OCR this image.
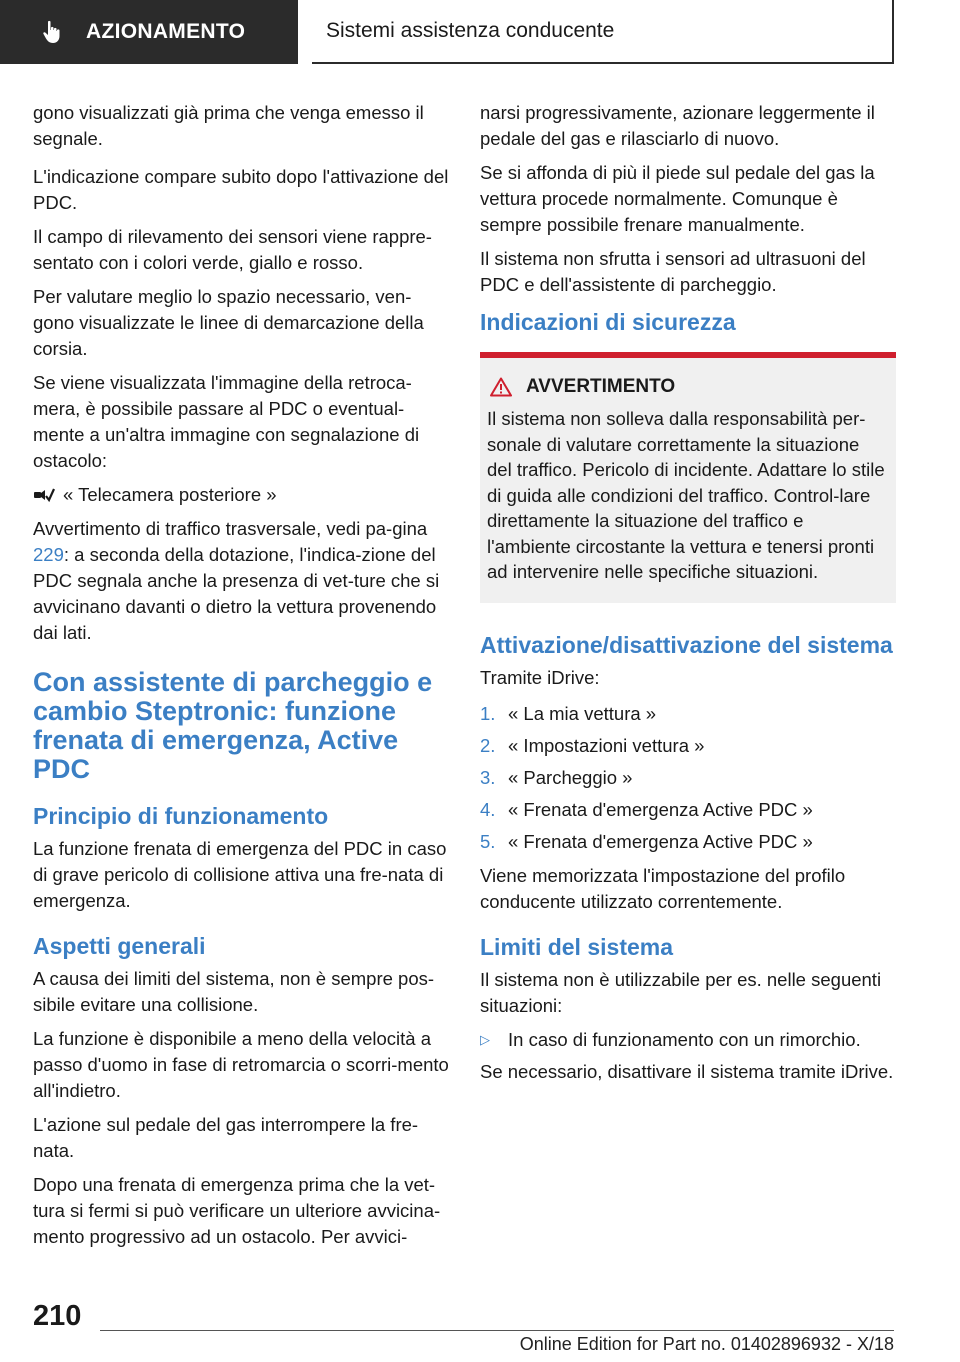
AZIONAMENTO	Sistemi assistenza conducente

gono visualizzati già prima che venga emesso il segnale.

L'indicazione compare subito dopo l'attivazione del PDC.

Il campo di rilevamento dei sensori viene rappre-sentato con i colori verde, giallo e rosso.

Per valutare meglio lo spazio necessario, ven-gono visualizzate le linee di demarcazione della corsia.

Se viene visualizzata l'immagine della retroca-mera, è possibile passare al PDC o eventual-mente a un'altra immagine con segnalazione di ostacolo:

« Telecamera posteriore »

Avvertimento di traffico trasversale, vedi pa-gina 229: a seconda della dotazione, l'indica-zione del PDC segnala anche la presenza di vet-ture che si avvicinano davanti o dietro la vettura provenendo dai lati.

Con assistente di parcheggio e cambio Steptronic: funzione frenata di emergenza, Active PDC
Principio di funzionamento

La funzione frenata di emergenza del PDC in caso di grave pericolo di collisione attiva una fre-nata di emergenza.

Aspetti generali

A causa dei limiti del sistema, non è sempre pos-sibile evitare una collisione.

La funzione è disponibile a meno della velocità a passo d'uomo in fase di retromarcia o scorri-mento all'indietro.

L'azione sul pedale del gas interrompere la fre-nata.

Dopo una frenata di emergenza prima che la vet-tura si fermi si può verificare un ulteriore avvicina-mento progressivo ad un ostacolo. Per avvici-

narsi progressivamente, azionare leggermente il pedale del gas e rilasciarlo di nuovo.

Se si affonda di più il piede sul pedale del gas la vettura procede normalmente. Comunque è sempre possibile frenare manualmente.

Il sistema non sfrutta i sensori ad ultrasuoni del PDC e dell'assistente di parcheggio.

Indicazioni di sicurezza
AVVERTIMENTO
Il sistema non solleva dalla responsabilità per-sonale di valutare correttamente la situazione del traffico. Pericolo di incidente. Adattare lo stile di guida alle condizioni del traffico. Control-lare direttamente la situazione del traffico e l'ambiente circostante la vettura e tenersi pronti ad intervenire nelle specifiche situazioni.
Attivazione/disattivazione del sistema

Tramite iDrive:

1. « La mia vettura »
2. « Impostazioni vettura »
3. « Parcheggio »
4. « Frenata d'emergenza Active PDC »
5. « Frenata d'emergenza Active PDC »

Viene memorizzata l'impostazione del profilo conducente utilizzato correntemente.

Limiti del sistema

Il sistema non è utilizzabile per es. nelle seguenti situazioni:

▷ In caso di funzionamento con un rimorchio.

Se necessario, disattivare il sistema tramite iDrive.

210
Online Edition for Part no. 01402896932 - X/18
